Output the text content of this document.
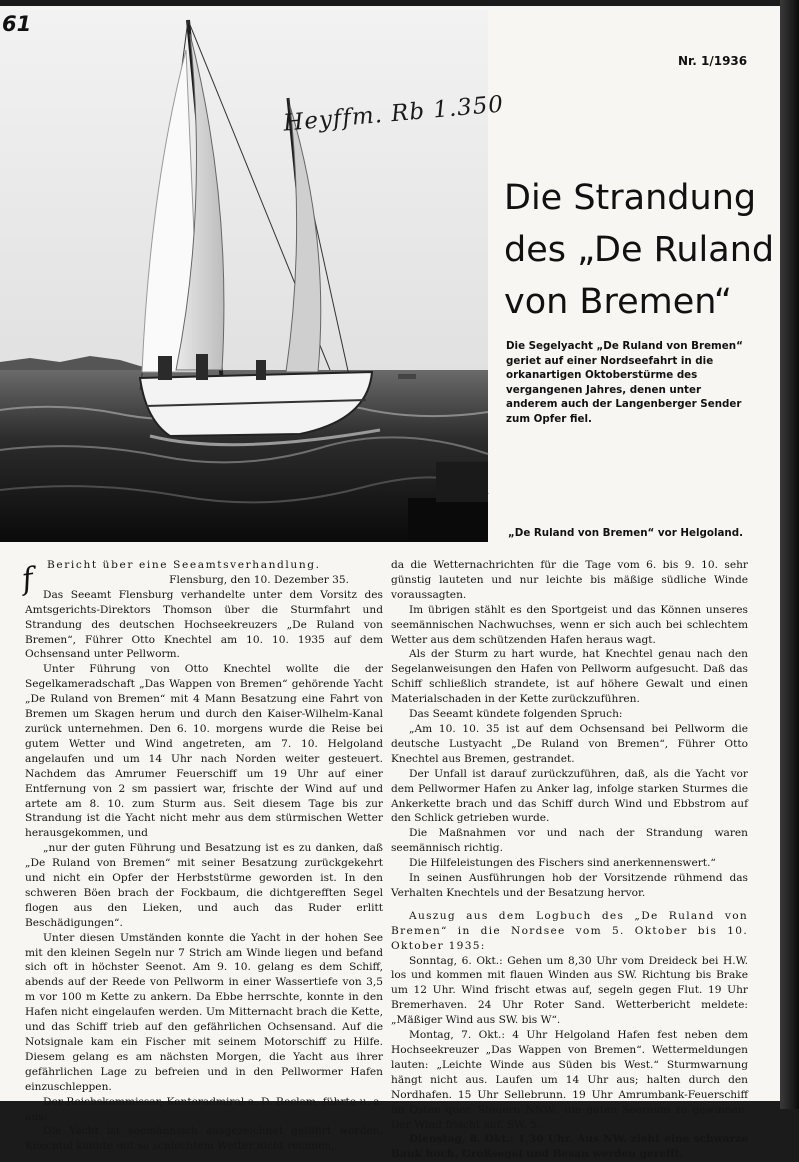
61
Heyffm. Rb 1.350
Nr. 1/1936
Die Strandung
des „De Ruland
von Bremen“
Die Segelyacht „De Ruland von Bremen“ geriet auf einer Nordseefahrt in die orkanartigen Oktoberstürme des vergangenen Jahres, denen unter anderem auch der Langenberger Sender zum Opfer fiel.
„De Ruland von Bremen“ vor Helgoland.
f	Bericht über eine Seeamtsverhandlung.

Flensburg, den 10. Dezember 35.

Das Seeamt Flensburg verhandelte unter dem Vorsitz des Amtsgerichts-Direktors Thomson über die Sturmfahrt und Strandung des deutschen Hochseekreuzers „De Ruland von Bremen“, Führer Otto Knechtel am 10. 10. 1935 auf dem Ochsensand unter Pellworm.

Unter Führung von Otto Knechtel wollte die der Segelkameradschaft „Das Wappen von Bremen“ gehörende Yacht „De Ruland von Bremen“ mit 4 Mann Besatzung eine Fahrt von Bremen um Skagen herum und durch den Kaiser-Wilhelm-Kanal zurück unternehmen. Den 6. 10. morgens wurde die Reise bei gutem Wetter und Wind angetreten, am 7. 10. Helgoland angelaufen und um 14 Uhr nach Norden weiter gesteuert. Nachdem das Amrumer Feuerschiff um 19 Uhr auf einer Entfernung von 2 sm passiert war, frischte der Wind auf und artete am 8. 10. zum Sturm aus. Seit diesem Tage bis zur Strandung ist die Yacht nicht mehr aus dem stürmischen Wetter herausgekommen, und

„nur der guten Führung und Besatzung ist es zu danken, daß „De Ruland von Bremen“ mit seiner Besatzung zurückgekehrt und nicht ein Opfer der Herbststürme geworden ist. In den schweren Böen brach der Fockbaum, die dichtgerefften Segel flogen aus den Lieken, und auch das Ruder erlitt Beschädigungen“.

Unter diesen Umständen konnte die Yacht in der hohen See mit den kleinen Segeln nur 7 Strich am Winde liegen und befand sich oft in höchster Seenot. Am 9. 10. gelang es dem Schiff, abends auf der Reede von Pellworm in einer Wassertiefe von 3,5 m vor 100 m Kette zu ankern. Da Ebbe herrschte, konnte in den Hafen nicht eingelaufen werden. Um Mitternacht brach die Kette, und das Schiff trieb auf den gefährlichen Ochsensand. Auf die Notsignale kam ein Fischer mit seinem Motorschiff zu Hilfe. Diesem gelang es am nächsten Morgen, die Yacht aus ihrer gefährlichen Lage zu befreien und in den Pellwormer Hafen einzuschleppen.

Der Reichskommissar, Konteradmiral a. D. Reclam, führte u. a. aus:

Die Yacht ist seemännisch ausgezeichnet geführt worden. Knechtel konnte mit so schlechtem Wetter nicht rechnen,

da die Wetternachrichten für die Tage vom 6. bis 9. 10. sehr günstig lauteten und nur leichte bis mäßige südliche Winde voraussagten.

Im übrigen stählt es den Sportgeist und das Können unseres seemännischen Nachwuchses, wenn er sich auch bei schlechtem Wetter aus dem schützenden Hafen heraus wagt.

Als der Sturm zu hart wurde, hat Knechtel genau nach den Segelanweisungen den Hafen von Pellworm aufgesucht. Daß das Schiff schließlich strandete, ist auf höhere Gewalt und einen Materialschaden in der Kette zurückzuführen.

Das Seeamt kündete folgenden Spruch:

„Am 10. 10. 35 ist auf dem Ochsensand bei Pellworm die deutsche Lustyacht „De Ruland von Bremen“, Führer Otto Knechtel aus Bremen, gestrandet.

Der Unfall ist darauf zurückzuführen, daß, als die Yacht vor dem Pellwormer Hafen zu Anker lag, infolge starken Sturmes die Ankerkette brach und das Schiff durch Wind und Ebbstrom auf den Schlick getrieben wurde.

Die Maßnahmen vor und nach der Strandung waren seemännisch richtig.

Die Hilfeleistungen des Fischers sind anerkennenswert.“

In seinen Ausführungen hob der Vorsitzende rühmend das Verhalten Knechtels und der Besatzung hervor.

Auszug aus dem Logbuch des „De Ruland von Bremen“ in die Nordsee vom 5. Oktober bis 10. Oktober 1935:

Sonntag, 6. Okt.: Gehen um 8,30 Uhr vom Dreideck bei H.W. los und kommen mit flauen Winden aus SW. Richtung bis Brake um 12 Uhr. Wind frischt etwas auf, segeln gegen Flut. 19 Uhr Bremerhaven. 24 Uhr Roter Sand. Wetterbericht meldete: „Mäßiger Wind aus SW. bis W“.

Montag, 7. Okt.: 4 Uhr Helgoland Hafen fest neben dem Hochseekreuzer „Das Wappen von Bremen“. Wettermeldungen lauten: „Leichte Winde aus Süden bis West.“ Sturmwarnung hängt nicht aus. Laufen um 14 Uhr aus; halten durch den Nordhafen. 15 Uhr Sellebrunn. 19 Uhr Amrumbank-Feuerschiff im Osten quer. Steuern NNW., um guten Seeraum zu gewinnen. Der Wind frischt auf. SW. 5.

Dienstag, 8. Okt.: 1,30 Uhr. Aus NW. zieht eine schwarze Bank hoch. Großsegel und Besan werden gerefft.
